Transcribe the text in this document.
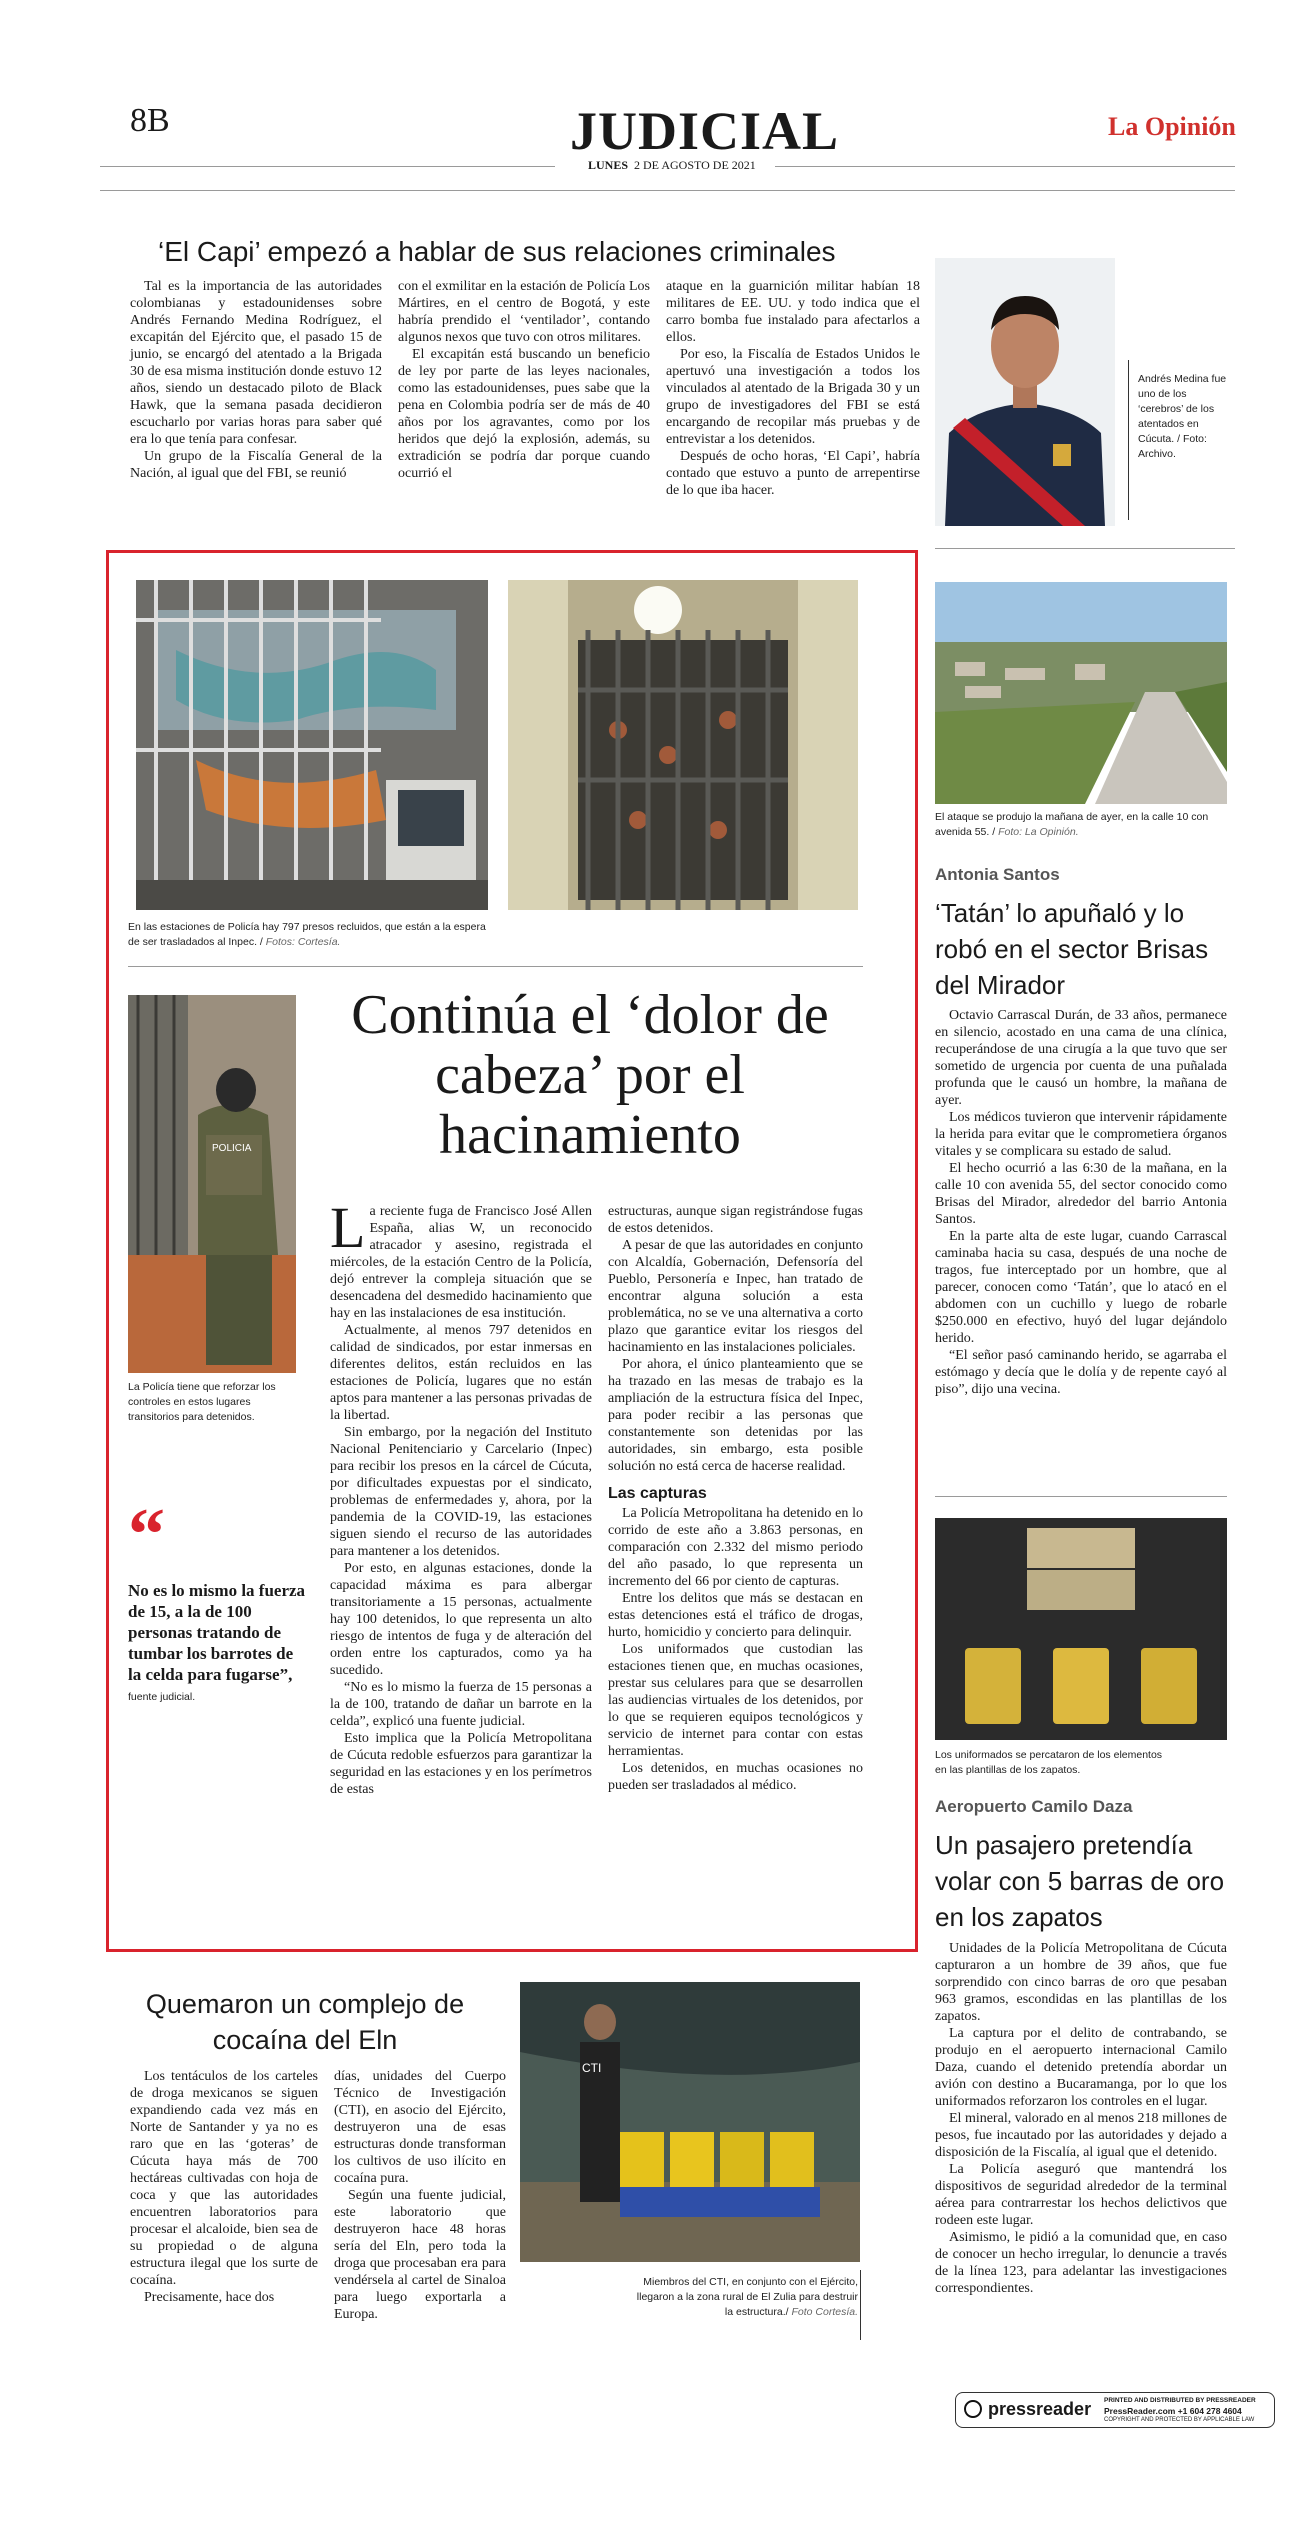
8B	JUDICIAL
LUNES 2 DE AGOSTO DE 2021
La Opinión
‘El Capi’ empezó a hablar de sus relaciones criminales

Tal es la importancia de las autoridades colombianas y estadounidenses sobre Andrés Fernando Medina Rodríguez, el excapitán del Ejército que, el pasado 15 de junio, se encargó del atentado a la Brigada 30 de esa misma institución donde estuvo 12 años, siendo un destacado piloto de Black Hawk, que la semana pasada decidieron escucharlo por varias horas para saber qué era lo que tenía para confesar.

Un grupo de la Fiscalía General de la Nación, al igual que del FBI, se reunió

con el exmilitar en la estación de Policía Los Mártires, en el centro de Bogotá, y este habría prendido el ‘ventilador’, contando algunos nexos que tuvo con otros militares.

El excapitán está buscando un beneficio de ley por parte de las leyes nacionales, como las estadounidenses, pues sabe que la pena en Colombia podría ser de más de 40 años por los agravantes, como por los heridos que dejó la explosión, además, su extradición se podría dar porque cuando ocurrió el

ataque en la guarnición militar habían 18 militares de EE. UU. y todo indica que el carro bomba fue instalado para afectarlos a ellos.

Por eso, la Fiscalía de Estados Unidos le apertuvó una investigación a todos los vinculados al atentado de la Brigada 30 y un grupo de investigadores del FBI se está encargando de recopilar más pruebas y de entrevistar a los detenidos.

Después de ocho horas, ‘El Capi’, habría contado que estuvo a punto de arrepentirse de lo que iba hacer.

Andrés Medina fue uno de los ‘cerebros’ de los atentados en Cúcuta. / Foto: Archivo.
En las estaciones de Policía hay 797 presos recluidos, que están a la espera de ser trasladados al Inpec. / Fotos: Cortesía.
POLICIA
La Policía tiene que reforzar los controles en estos lugares transitorios para detenidos.
Continúa el ‘dolor de cabeza’ por el hacinamiento
“
No es lo mismo la fuerza de 15, a la de 100 personas tratando de tumbar los barrotes de la celda para fugarse”,
fuente judicial.

La reciente fuga de Francisco José Allen España, alias W, un reconocido atracador y asesino, registrada el miércoles, de la estación Centro de la Policía, dejó entrever la compleja situación que se desencadena del desmedido hacinamiento que hay en las instalaciones de esa institución.

Actualmente, al menos 797 detenidos en calidad de sindicados, por estar inmersas en diferentes delitos, están recluidos en las estaciones de Policía, lugares que no están aptos para mantener a las personas privadas de la libertad.

Sin embargo, por la negación del Instituto Nacional Penitenciario y Carcelario (Inpec) para recibir los presos en la cárcel de Cúcuta, por dificultades expuestas por el sindicato, problemas de enfermedades y, ahora, por la pandemia de la COVID-19, las estaciones siguen siendo el recurso de las autoridades para mantener a los detenidos.

Por esto, en algunas estaciones, donde la capacidad máxima es para albergar transitoriamente a 15 personas, actualmente hay 100 detenidos, lo que representa un alto riesgo de intentos de fuga y de alteración del orden entre los capturados, como ya ha sucedido.

“No es lo mismo la fuerza de 15 personas a la de 100, tratando de dañar un barrote en la celda”, explicó una fuente judicial.

Esto implica que la Policía Metropolitana de Cúcuta redoble esfuerzos para garantizar la seguridad en las estaciones y en los perímetros de estas

estructuras, aunque sigan registrándose fugas de estos detenidos.

A pesar de que las autoridades en conjunto con Alcaldía, Gobernación, Defensoría del Pueblo, Personería e Inpec, han tratado de encontrar alguna solución a esta problemática, no se ve una alternativa a corto plazo que garantice evitar los riesgos del hacinamiento en las instalaciones policiales.

Por ahora, el único planteamiento que se ha trazado en las mesas de trabajo es la ampliación de la estructura física del Inpec, para poder recibir a las personas que constantemente son detenidas por las autoridades, sin embargo, esta posible solución no está cerca de hacerse realidad.

Las capturas

La Policía Metropolitana ha detenido en lo corrido de este año a 3.863 personas, en comparación con 2.332 del mismo periodo del año pasado, lo que representa un incremento del 66 por ciento de capturas.

Entre los delitos que más se destacan en estas detenciones está el tráfico de drogas, hurto, homicidio y concierto para delinquir.

Los uniformados que custodian las estaciones tienen que, en muchas ocasiones, prestar sus celulares para que se desarrollen las audiencias virtuales de los detenidos, por lo que se requieren equipos tecnológicos y servicio de internet para contar con estas herramientas.

Los detenidos, en muchas ocasiones no pueden ser trasladados al médico.

El ataque se produjo la mañana de ayer, en la calle 10 con avenida 55. / Foto: La Opinión.
Antonia Santos
‘Tatán’ lo apuñaló y lo robó en el sector Brisas del Mirador

Octavio Carrascal Durán, de 33 años, permanece en silencio, acostado en una cama de una clínica, recuperándose de una cirugía a la que tuvo que ser sometido de urgencia por cuenta de una puñalada profunda que le causó un hombre, la mañana de ayer.

Los médicos tuvieron que intervenir rápidamente la herida para evitar que le comprometiera órganos vitales y se complicara su estado de salud.

El hecho ocurrió a las 6:30 de la mañana, en la calle 10 con avenida 55, del sector conocido como Brisas del Mirador, alrededor del barrio Antonia Santos.

En la parte alta de este lugar, cuando Carrascal caminaba hacia su casa, después de una noche de tragos, fue interceptado por un hombre, que al parecer, conocen como ‘Tatán’, que lo atacó en el abdomen con un cuchillo y luego de robarle $250.000 en efectivo, huyó del lugar dejándolo herido.

“El señor pasó caminando herido, se agarraba el estómago y decía que le dolía y de repente cayó al piso”, dijo una vecina.

Los uniformados se percataron de los elementos en las plantillas de los zapatos.
Aeropuerto Camilo Daza
Un pasajero pretendía volar con 5 barras de oro en los zapatos

Unidades de la Policía Metropolitana de Cúcuta capturaron a un hombre de 39 años, que fue sorprendido con cinco barras de oro que pesaban 963 gramos, escondidas en las plantillas de los zapatos.

La captura por el delito de contrabando, se produjo en el aeropuerto internacional Camilo Daza, cuando el detenido pretendía abordar un avión con destino a Bucaramanga, por lo que los uniformados reforzaron los controles en el lugar.

El mineral, valorado en al menos 218 millones de pesos, fue incautado por las autoridades y dejado a disposición de la Fiscalía, al igual que el detenido.

La Policía aseguró que mantendrá los dispositivos de seguridad alrededor de la terminal aérea para contrarrestar los hechos delictivos que rodeen este lugar.

Asimismo, le pidió a la comunidad que, en caso de conocer un hecho irregular, lo denuncie a través de la línea 123, para adelantar las investigaciones correspondientes.

Quemaron un complejo de cocaína del Eln

Los tentáculos de los carteles de droga mexicanos se siguen expandiendo cada vez más en Norte de Santander y ya no es raro que en las ‘goteras’ de Cúcuta haya más de 700 hectáreas cultivadas con hoja de coca y que las autoridades encuentren laboratorios para procesar el alcaloide, bien sea de su propiedad o de alguna estructura ilegal que los surte de cocaína.

Precisamente, hace dos

días, unidades del Cuerpo Técnico de Investigación (CTI), en asocio del Ejército, destruyeron una de esas estructuras donde transforman los cultivos de uso ilícito en cocaína pura.

Según una fuente judicial, este laboratorio que destruyeron hace 48 horas sería del Eln, pero toda la droga que procesaban era para vendérsela al cartel de Sinaloa para luego exportarla a Europa.

CTI
Miembros del CTI, en conjunto con el Ejército, llegaron a la zona rural de El Zulia para destruir la estructura./ Foto Cortesía.
pressreader PRINTED AND DISTRIBUTED BY PRESSREADER
PressReader.com +1 604 278 4604
COPYRIGHT AND PROTECTED BY APPLICABLE LAW
